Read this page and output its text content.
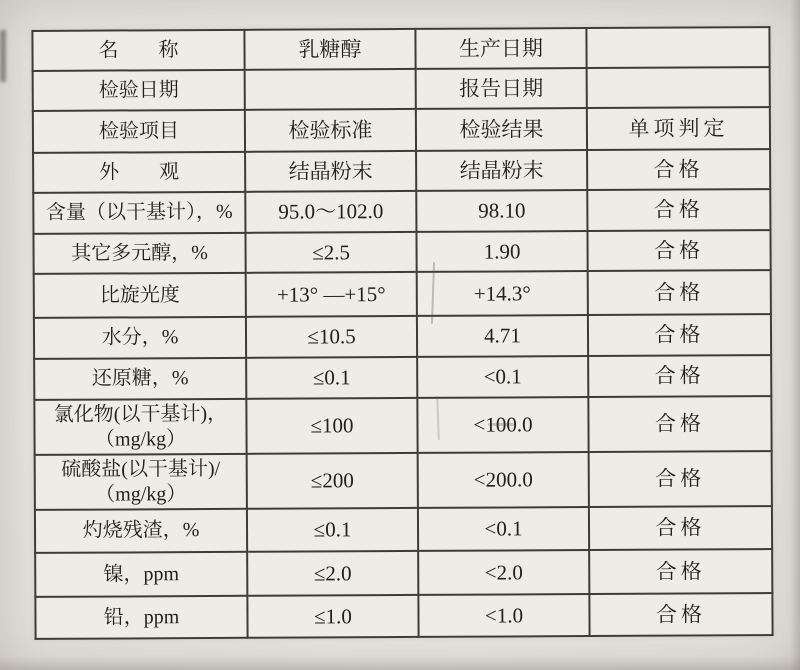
名　　称	乳糖醇	生产日期	
检验日期		报告日期	
检验项目	检验标准	检验结果	单项判定
外　　观	结晶粉末	结晶粉末	合格
含量（以干基计），%	95.0～102.0	98.10	合格
其它多元醇，%	≤2.5	1.90	合格
比旋光度	+13° —+15°	+14.3°	合格
水分，%	≤10.5	4.71	合格
还原糖，%	≤0.1	<0.1	合格
氯化物(以干基计)，
（mg/kg）	≤100	<100.0	合格
硫酸盐(以干基计)/
（mg/kg）	≤200	<200.0	合格
灼烧残渣，%	≤0.1	<0.1	合格
镍，ppm	≤2.0	<2.0	合格
铅，ppm	≤1.0	<1.0	合格
